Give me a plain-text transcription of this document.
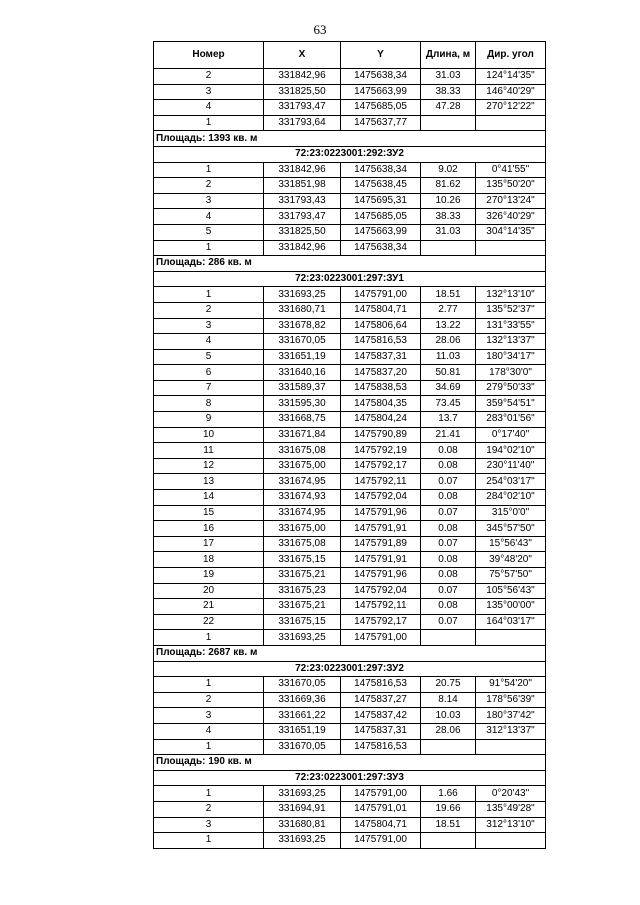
63
Номер	X	Y	Длина, м	Дир. угол
2	331842,96	1475638,34	31.03	124°14'35"
3	331825,50	1475663,99	38.33	146°40'29"
4	331793,47	1475685,05	47.28	270°12'22"
1	331793,64	1475637,77		
Площадь: 1393 кв. м				
72:23:0223001:292:ЗУ2				
1	331842,96	1475638,34	9.02	0°41'55"
2	331851,98	1475638,45	81.62	135°50'20"
3	331793,43	1475695,31	10.26	270°13'24"
4	331793,47	1475685,05	38.33	326°40'29"
5	331825,50	1475663,99	31.03	304°14'35"
1	331842,96	1475638,34		
Площадь: 286 кв. м				
72:23:0223001:297:ЗУ1				
1	331693,25	1475791,00	18.51	132°13'10"
2	331680,71	1475804,71	2.77	135°52'37"
3	331678,82	1475806,64	13.22	131°33'55"
4	331670,05	1475816,53	28.06	132°13'37"
5	331651,19	1475837,31	11.03	180°34'17"
6	331640,16	1475837,20	50.81	178°30'0"
7	331589,37	1475838,53	34.69	279°50'33"
8	331595,30	1475804,35	73.45	359°54'51"
9	331668,75	1475804,24	13.7	283°01'56"
10	331671,84	1475790,89	21.41	0°17'40"
11	331675,08	1475792,19	0.08	194°02'10"
12	331675,00	1475792,17	0.08	230°11'40"
13	331674,95	1475792,11	0.07	254°03'17"
14	331674,93	1475792,04	0.08	284°02'10"
15	331674,95	1475791,96	0.07	315°0'0"
16	331675,00	1475791,91	0.08	345°57'50"
17	331675,08	1475791,89	0.07	15°56'43"
18	331675,15	1475791,91	0.08	39°48'20"
19	331675,21	1475791,96	0.08	75°57'50"
20	331675,23	1475792,04	0.07	105°56'43"
21	331675,21	1475792,11	0.08	135°00'00"
22	331675,15	1475792,17	0.07	164°03'17"
1	331693,25	1475791,00		
Площадь: 2687 кв. м				
72:23:0223001:297:ЗУ2				
1	331670,05	1475816,53	20.75	91°54'20"
2	331669,36	1475837,27	8.14	178°56'39"
3	331661,22	1475837,42	10.03	180°37'42"
4	331651,19	1475837,31	28.06	312°13'37"
1	331670,05	1475816,53		
Площадь: 190 кв. м				
72:23:0223001:297:ЗУ3				
1	331693,25	1475791,00	1.66	0°20'43"
2	331694,91	1475791,01	19.66	135°49'28"
3	331680,81	1475804,71	18.51	312°13'10"
1	331693,25	1475791,00		
